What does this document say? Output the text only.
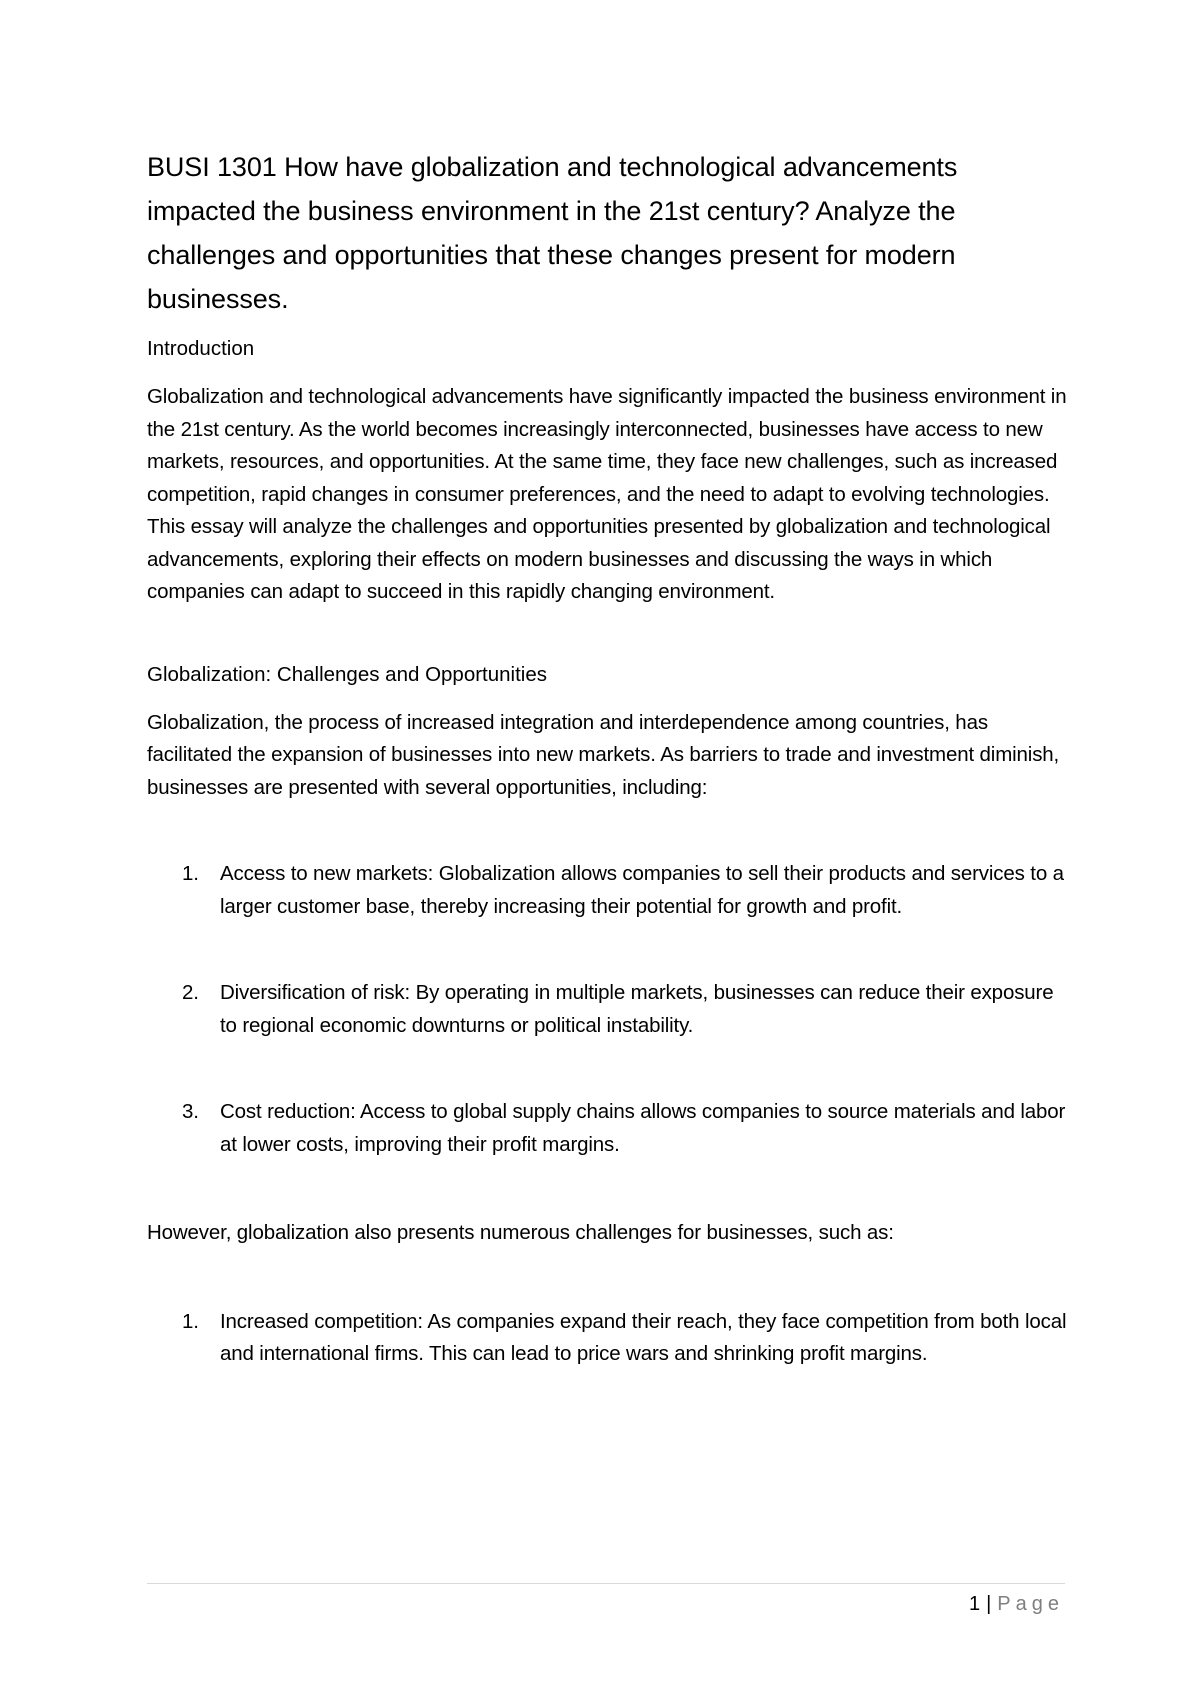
BUSI 1301 How have globalization and technological advancements impacted the business environment in the 21st century? Analyze the challenges and opportunities that these changes present for modern businesses.
Introduction

Globalization and technological advancements have significantly impacted the business environment in the 21st century. As the world becomes increasingly interconnected, businesses have access to new markets, resources, and opportunities. At the same time, they face new challenges, such as increased competition, rapid changes in consumer preferences, and the need to adapt to evolving technologies. This essay will analyze the challenges and opportunities presented by globalization and technological advancements, exploring their effects on modern businesses and discussing the ways in which companies can adapt to succeed in this rapidly changing environment.

Globalization: Challenges and Opportunities

Globalization, the process of increased integration and interdependence among countries, has facilitated the expansion of businesses into new markets. As barriers to trade and investment diminish, businesses are presented with several opportunities, including:

1. Access to new markets: Globalization allows companies to sell their products and services to a larger customer base, thereby increasing their potential for growth and profit.
2. Diversification of risk: By operating in multiple markets, businesses can reduce their exposure to regional economic downturns or political instability.
3. Cost reduction: Access to global supply chains allows companies to source materials and labor at lower costs, improving their profit margins.

However, globalization also presents numerous challenges for businesses, such as:

1. Increased competition: As companies expand their reach, they face competition from both local and international firms. This can lead to price wars and shrinking profit margins.
1 | Page
